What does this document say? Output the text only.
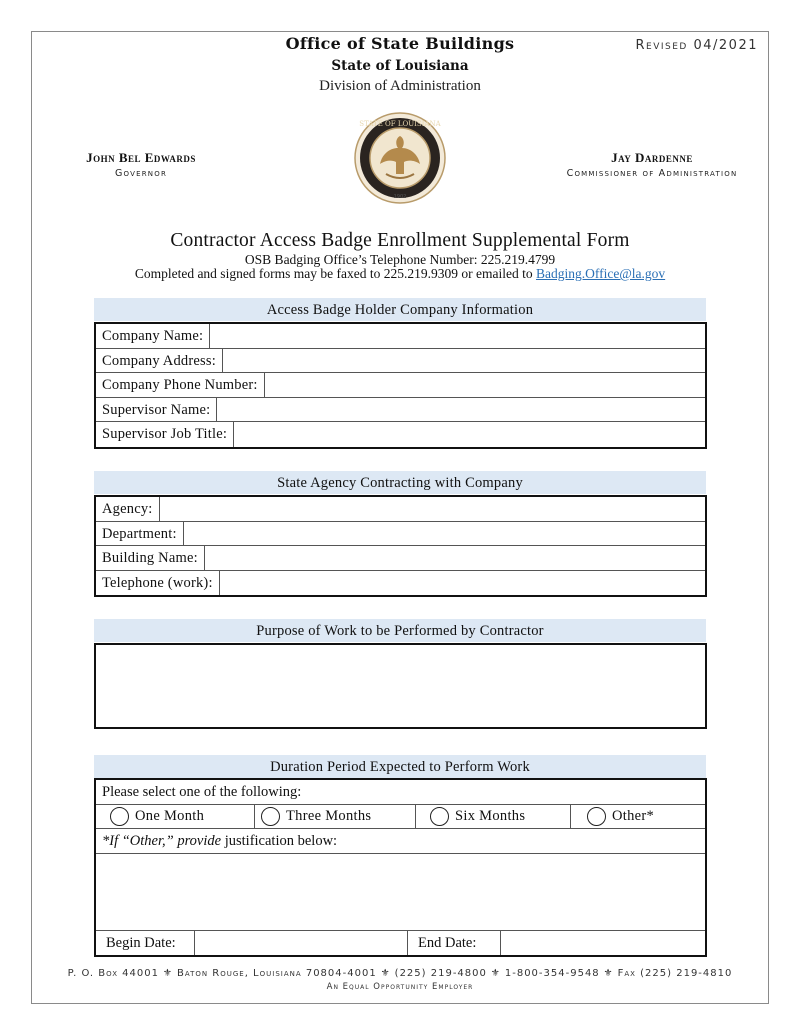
Revised 04/2021
Office of State Buildings
State of Louisiana
Division of Administration
John Bel Edwards
Governor
STATE OF LOUISIANA
1902
Jay Dardenne
Commissioner of Administration
Contractor Access Badge Enrollment Supplemental Form
OSB Badging Office’s Telephone Number: 225.219.4799
Completed and signed forms may be faxed to 225.219.9309 or emailed to Badging.Office@la.gov
Access Badge Holder Company Information
Company Name:
Company Address:
Company Phone Number:
Supervisor Name:
Supervisor Job Title:
State Agency Contracting with Company
Agency:
Department:
Building Name:
Telephone (work):
Purpose of Work to be Performed by Contractor
Duration Period Expected to Perform Work
Please select one of the following:
One Month	Three Months	Six Months	Other*
*If “Other,” provide justification below:
Begin Date:	End Date:
P. O. Box 44001 ⚜ Baton Rouge, Louisiana 70804-4001 ⚜ (225) 219-4800 ⚜ 1-800-354-9548 ⚜ Fax (225) 219-4810
An Equal Opportunity Employer
